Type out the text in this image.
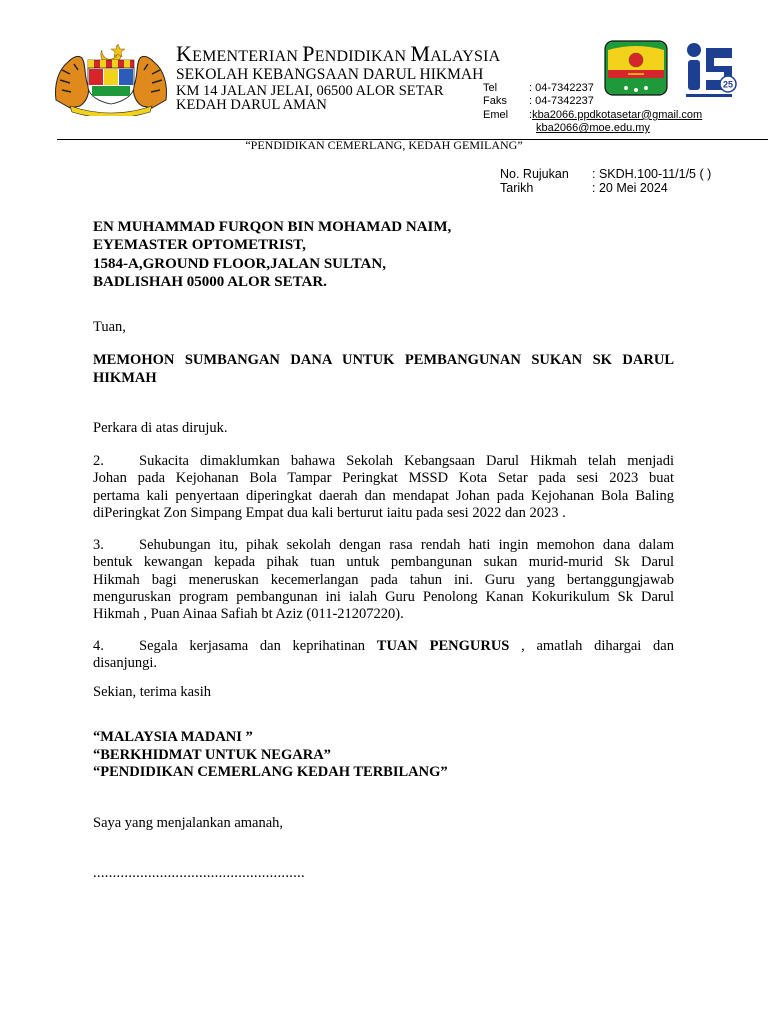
KEMENTERIAN PENDIDIKAN MALAYSIA
SEKOLAH KEBANGSAAN DARUL HIKMAH
KM 14 JALAN JELAI, 06500 ALOR SETAR
KEDAH DARUL AMAN
Tel	: 04-7342237
Faks	: 04-7342237
Emel	: kba2066.ppdkotasetar@gmail.com
kba2066@moe.edu.my
25
“PENDIDIKAN CEMERLANG, KEDAH GEMILANG”
No. Rujukan	: SKDH.100-11/1/5 ( )
Tarikh	: 20 Mei 2024
EN MUHAMMAD FURQON BIN MOHAMAD NAIM,
EYEMASTER OPTOMETRIST,
1584-A,GROUND FLOOR,JALAN SULTAN,
BADLISHAH 05000 ALOR SETAR.
Tuan,
MEMOHON SUMBANGAN DANA UNTUK PEMBANGUNAN SUKAN SK DARUL
HIKMAH
Perkara di atas dirujuk.
2. Sukacita dimaklumkan bahawa Sekolah Kebangsaan Darul Hikmah telah menjadi
Johan pada Kejohanan Bola Tampar Peringkat MSSD Kota Setar pada sesi 2023 buat
pertama kali penyertaan diperingkat daerah dan mendapat Johan pada Kejohanan Bola Baling
diPeringkat Zon Simpang Empat dua kali berturut iaitu pada sesi 2022 dan 2023 .
3. Sehubungan itu, pihak sekolah dengan rasa rendah hati ingin memohon dana dalam
bentuk kewangan kepada pihak tuan untuk pembangunan sukan murid-murid Sk Darul
Hikmah bagi meneruskan kecemerlangan pada tahun ini. Guru yang bertanggungjawab
menguruskan program pembangunan ini ialah Guru Penolong Kanan Kokurikulum Sk Darul
Hikmah , Puan Ainaa Safiah bt Aziz (011-21207220).
4. Segala kerjasama dan keprihatinan TUAN PENGURUS , amatlah dihargai dan
disanjungi.
Sekian, terima kasih
“MALAYSIA MADANI ”
“BERKHIDMAT UNTUK NEGARA”
“PENDIDIKAN CEMERLANG KEDAH TERBILANG”
Saya yang menjalankan amanah,
......................................................
